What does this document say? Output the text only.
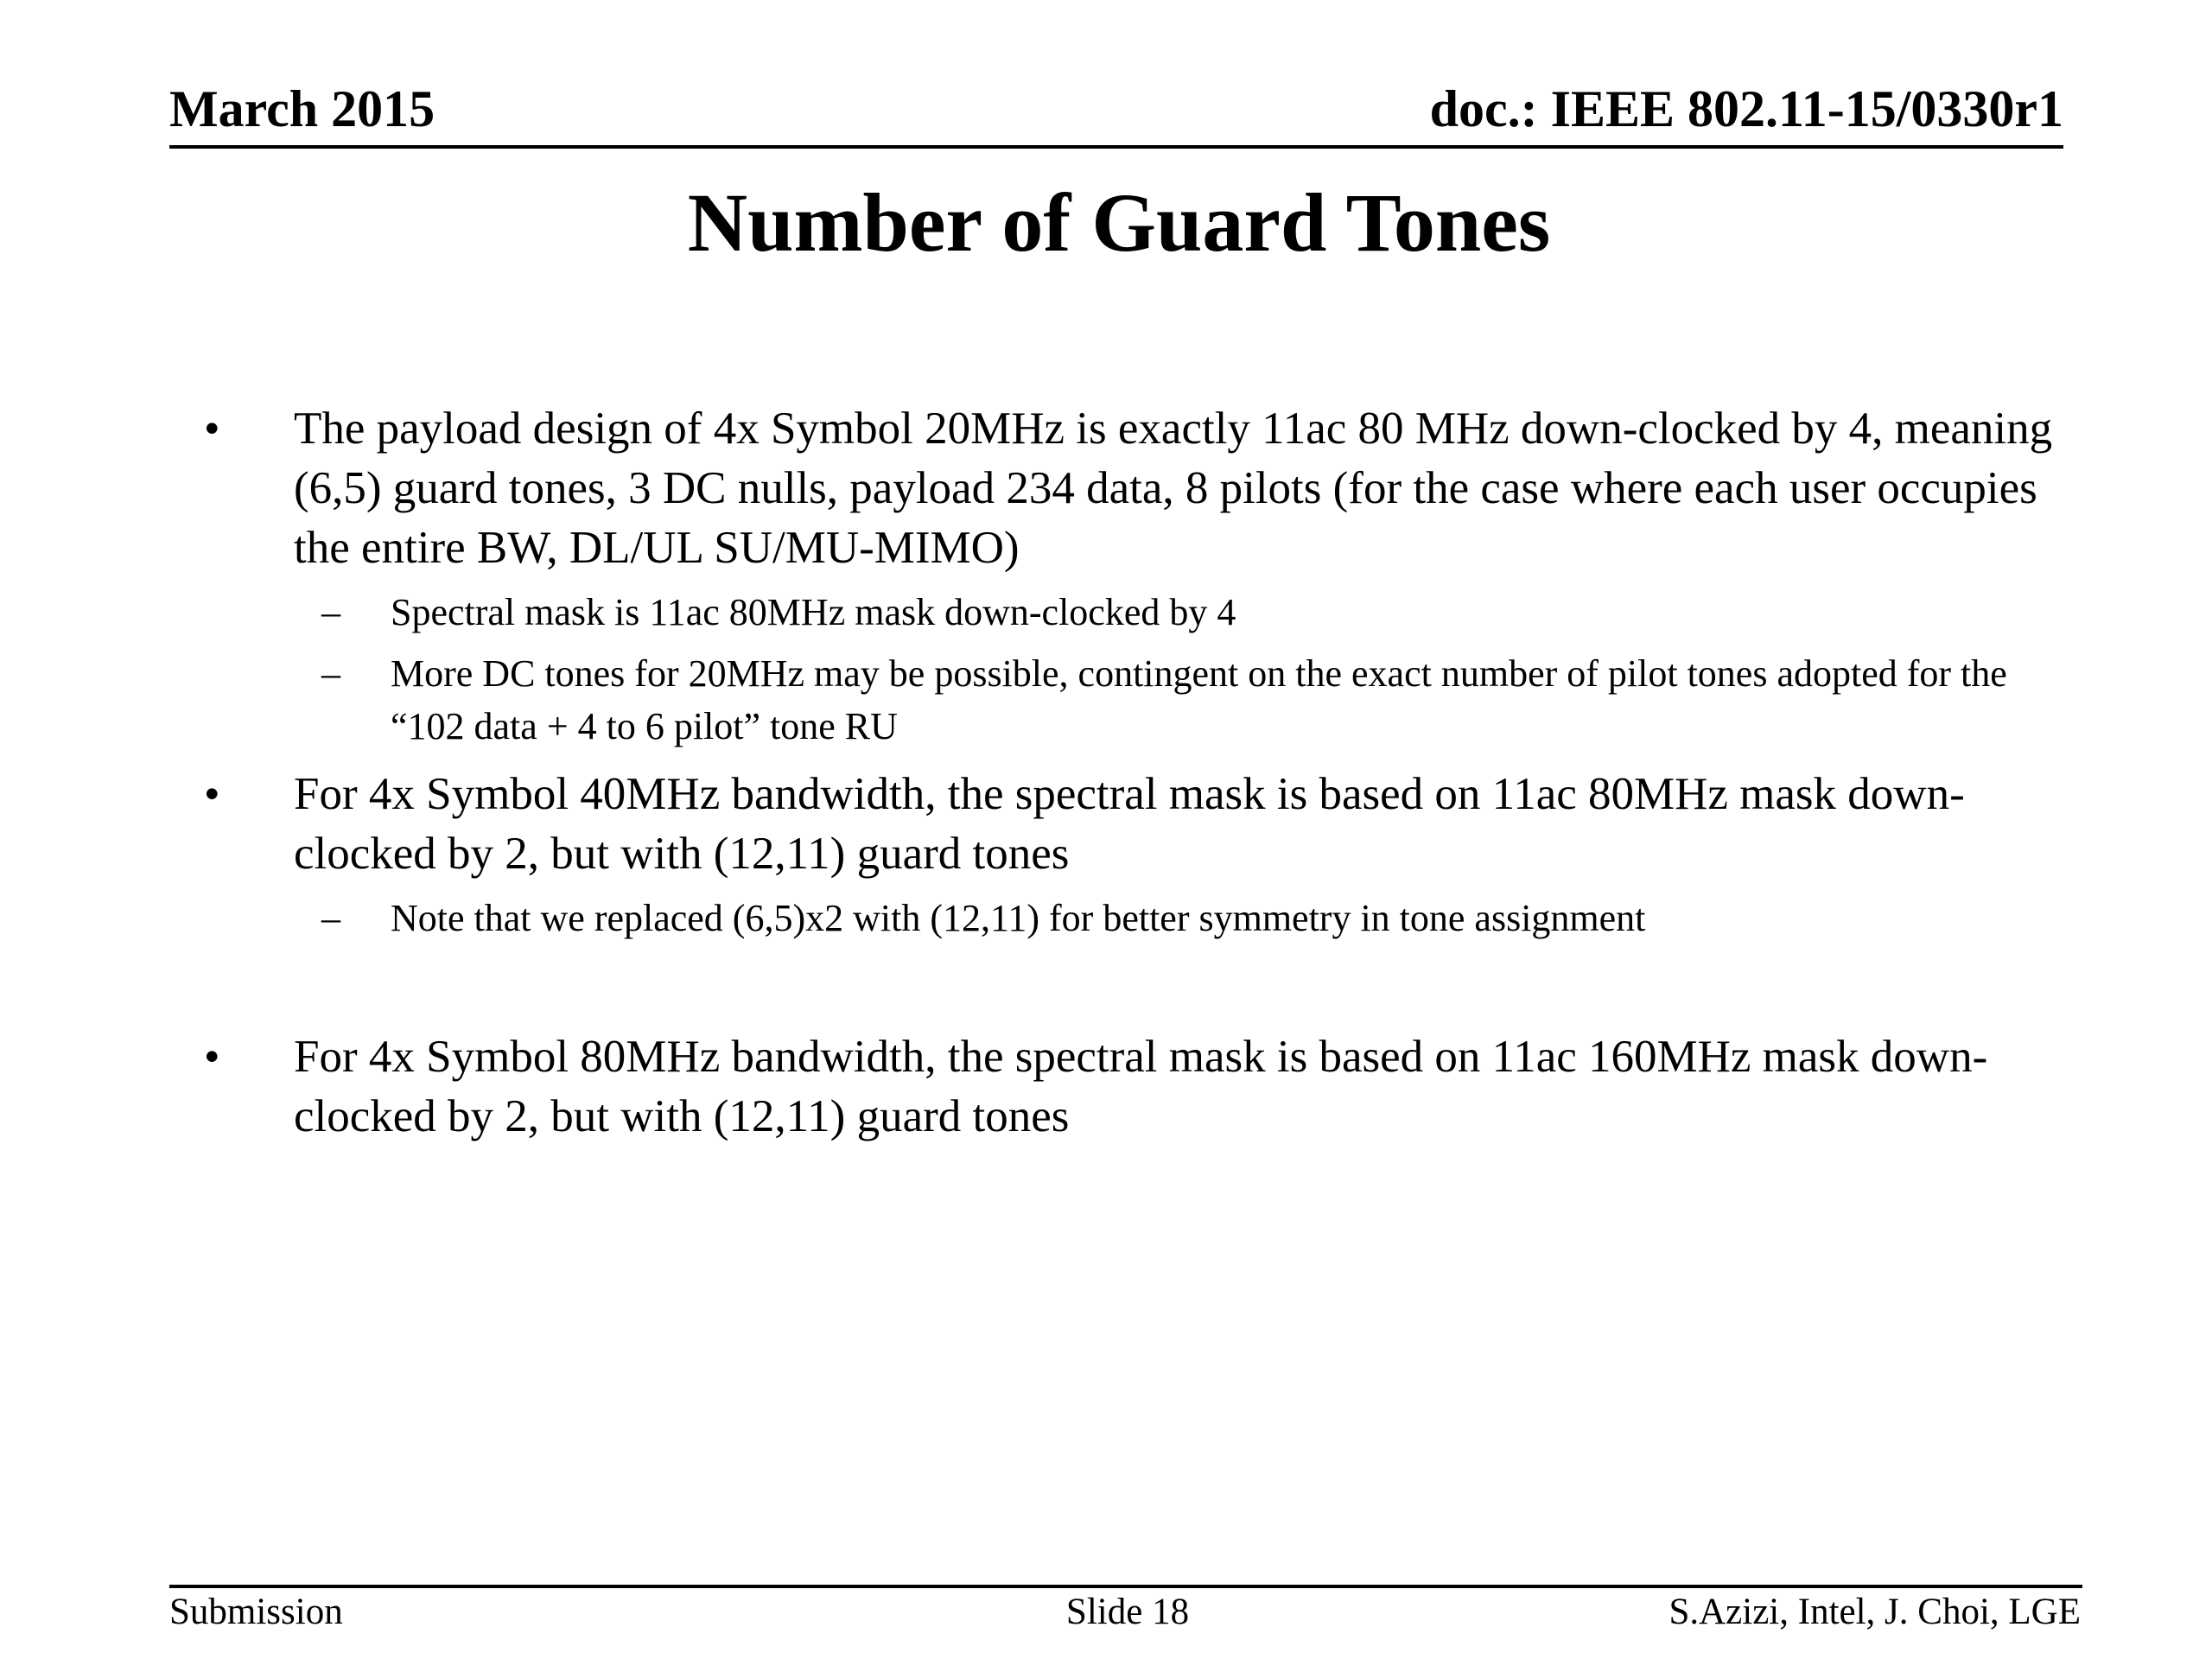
March 2015	doc.: IEEE 802.11-15/0330r1
Number of Guard Tones
• The payload design of 4x Symbol 20MHz is exactly 11ac 80 MHz down-clocked by 4, meaning (6,5) guard tones, 3 DC nulls, payload 234 data, 8 pilots (for the case where each user occupies the entire BW, DL/UL SU/MU-MIMO)
– Spectral mask is 11ac 80MHz mask down-clocked by 4
– More DC tones for 20MHz may be possible, contingent on the exact number of pilot tones adopted for the “102 data + 4 to 6 pilot” tone RU
• For 4x Symbol 40MHz bandwidth, the spectral mask is based on 11ac 80MHz mask down-clocked by 2, but with (12,11) guard tones
– Note that we replaced (6,5)x2 with (12,11) for better symmetry in tone assignment
• For 4x Symbol 80MHz bandwidth, the spectral mask is based on 11ac 160MHz mask down-clocked by 2, but with (12,11) guard tones
Submission	Slide 18	S.Azizi, Intel, J. Choi, LGE
